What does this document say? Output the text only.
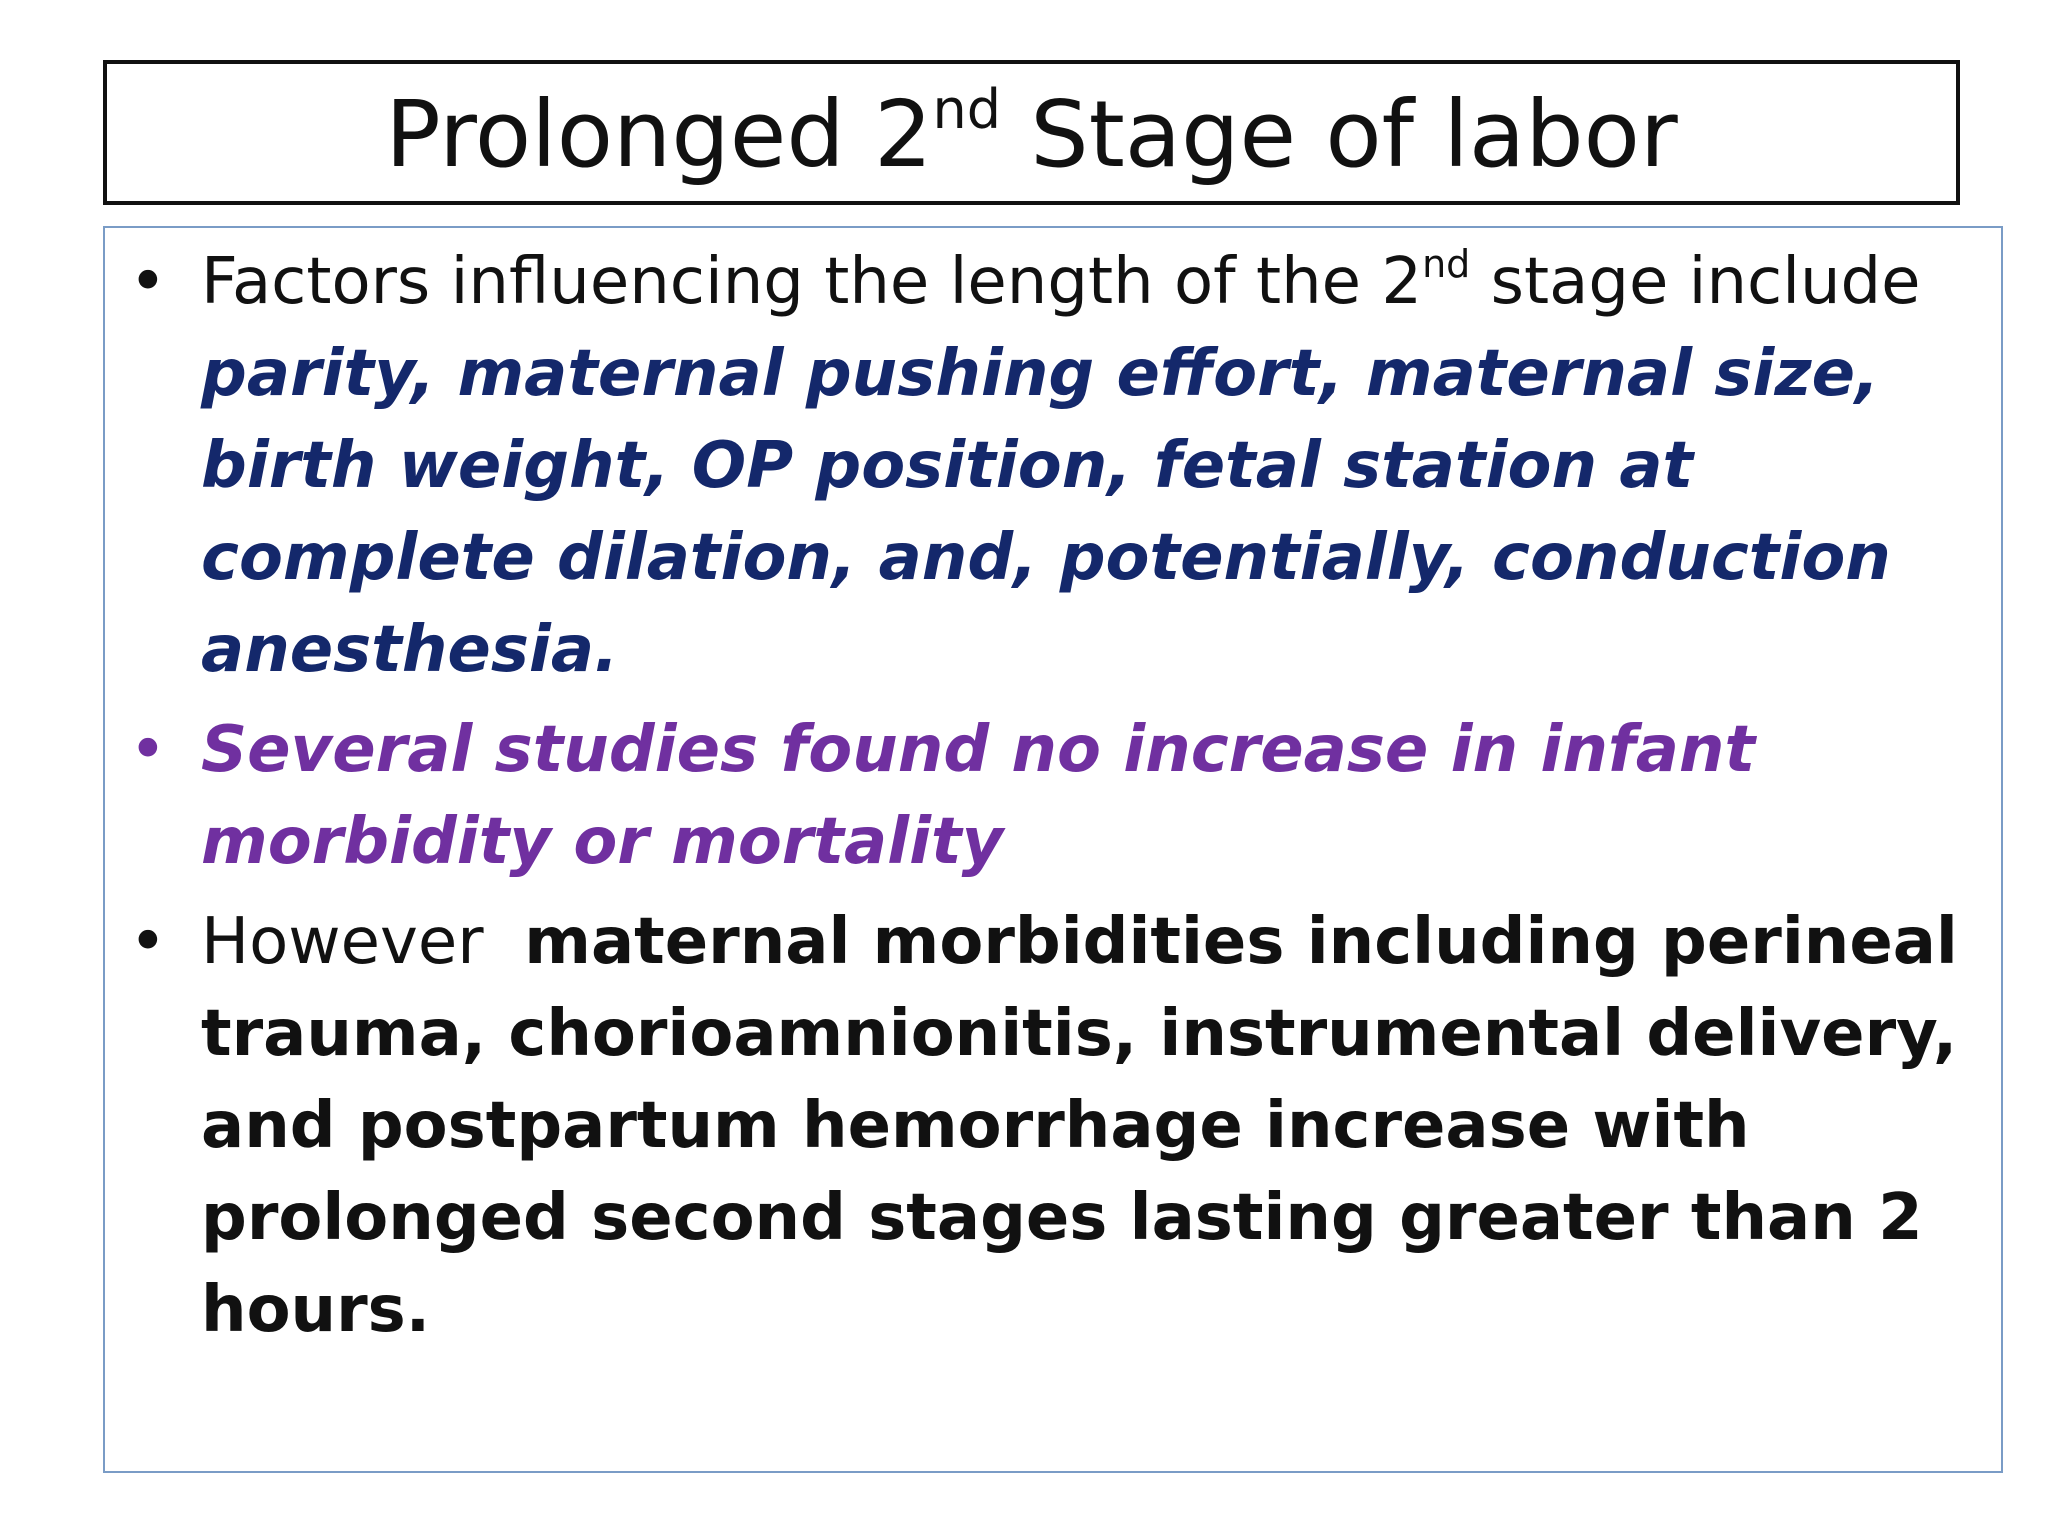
Prolonged 2nd Stage of labor
• Factors influencing the length of the 2nd stage include parity, maternal pushing effort, maternal size, birth weight, OP position, fetal station at complete dilation, and, potentially, conduction anesthesia.
• Several studies found no increase in infant morbidity or mortality
• However  maternal morbidities including perineal trauma, chorioamnionitis, instrumental delivery, and postpartum hemorrhage increase with prolonged second stages lasting greater than 2 hours.
